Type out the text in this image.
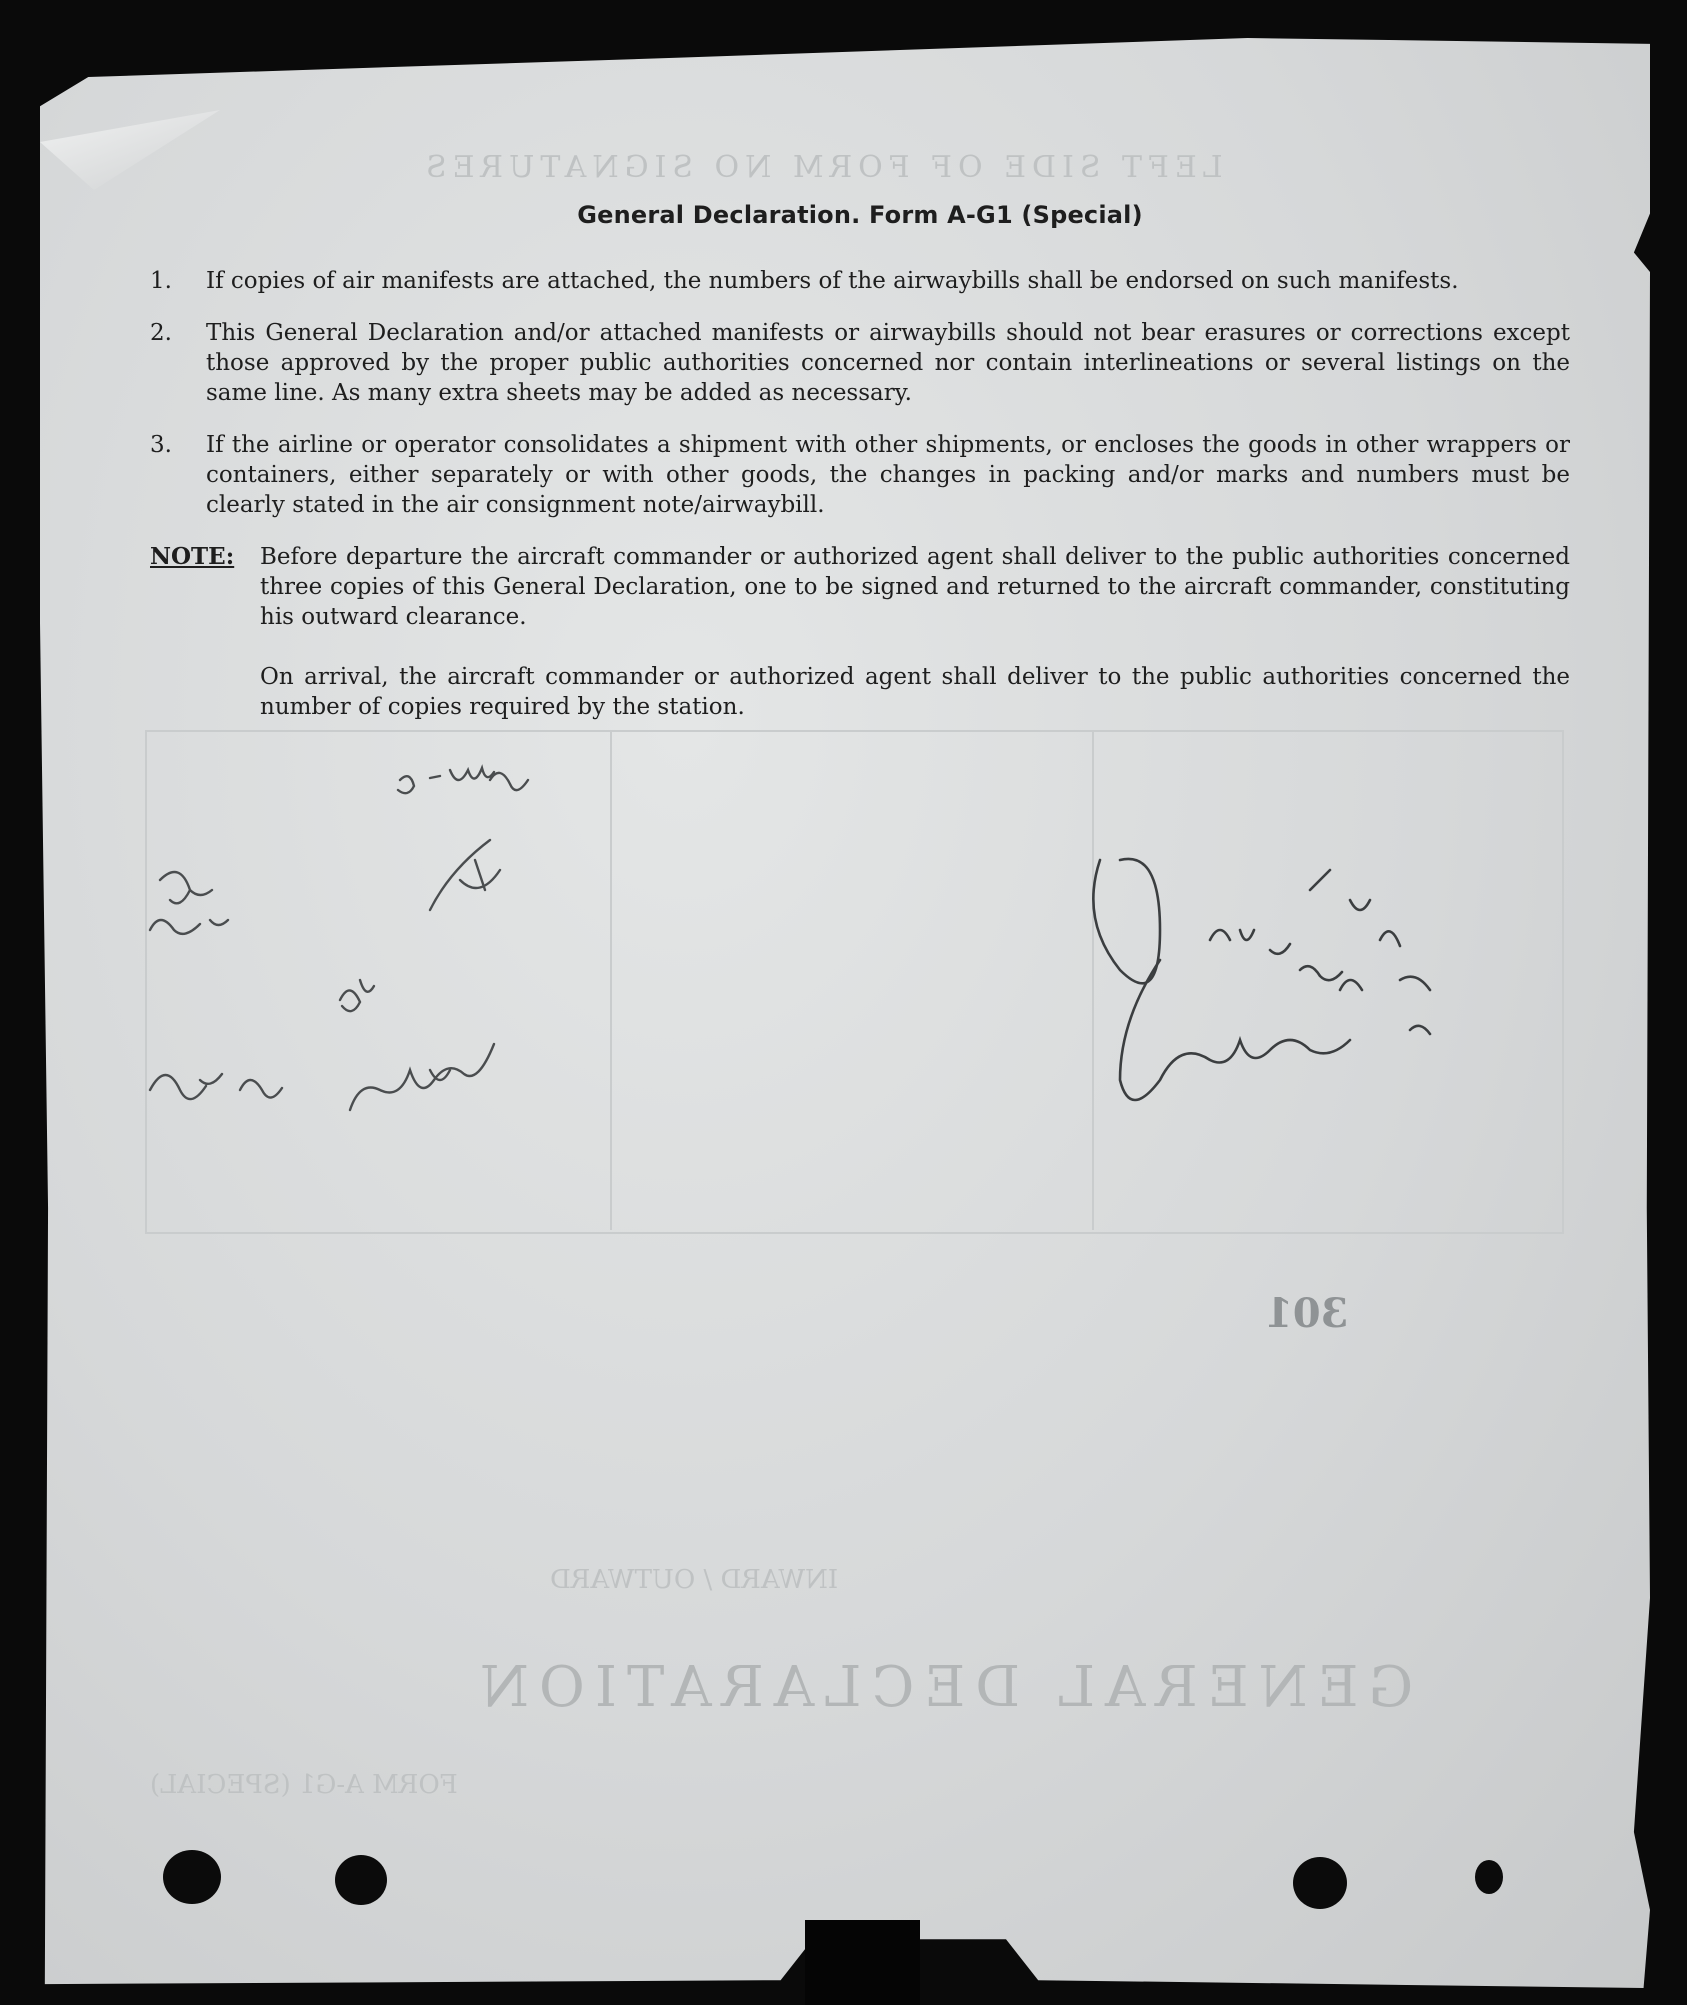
LEFT SIDE OF FORM NO SIGNATURES
GENERAL DECLARATION
INWARD / OUTWARD
FORM A-G1 (SPECIAL)
301
General Declaration. Form A-G1 (Special)
1.	If copies of air manifests are attached, the numbers of the airwaybills shall be endorsed on such manifests.
2.	This General Declaration and/or attached manifests or airwaybills should not bear erasures or corrections except those approved by the proper public authorities concerned nor contain interlineations or several listings on the same line. As many extra sheets may be added as necessary.
3.	If the airline or operator consolidates a shipment with other shipments, or encloses the goods in other wrappers or containers, either separately or with other goods, the changes in packing and/or marks and numbers must be clearly stated in the air consignment note/airwaybill.
NOTE:	Before departure the aircraft commander or authorized agent shall deliver to the public authorities concerned three copies of this General Declaration, one to be signed and returned to the aircraft commander, constituting his outward clearance.
On arrival, the aircraft commander or authorized agent shall deliver to the public authorities concerned the number of copies required by the station.
